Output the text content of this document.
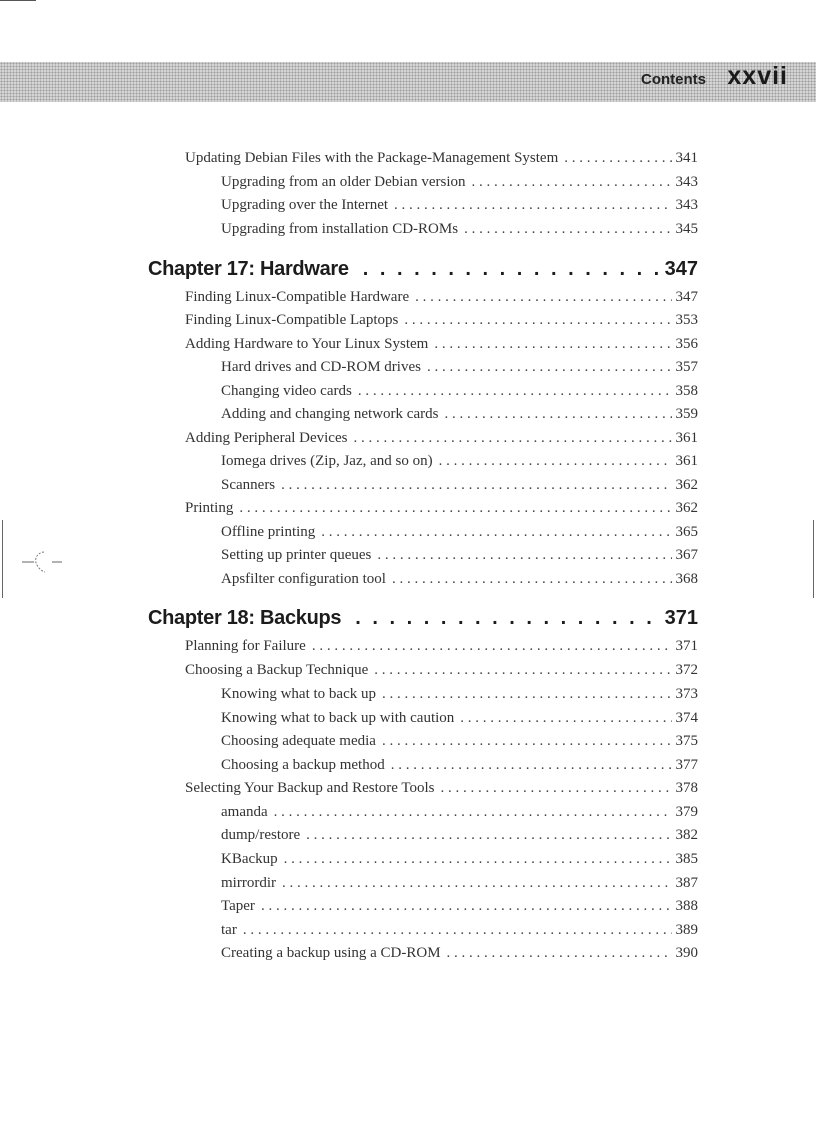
Contents xxvii
Updating Debian Files with the Package-Management System . . .	341
Upgrading from an older Debian version . . .	343
Upgrading over the Internet . . .	343
Upgrading from installation CD-ROMs . . .	345
Chapter 17: Hardware . . .	347
Finding Linux-Compatible Hardware . . .	347
Finding Linux-Compatible Laptops . . .	353
Adding Hardware to Your Linux System . . .	356
Hard drives and CD-ROM drives . . .	357
Changing video cards . . .	358
Adding and changing network cards . . .	359
Adding Peripheral Devices . . .	361
Iomega drives (Zip, Jaz, and so on) . . .	361
Scanners . . .	362
Printing . . .	362
Offline printing . . .	365
Setting up printer queues . . .	367
Apsfilter configuration tool . . .	368
Chapter 18: Backups . . .	371
Planning for Failure . . .	371
Choosing a Backup Technique . . .	372
Knowing what to back up . . .	373
Knowing what to back up with caution . . .	374
Choosing adequate media . . .	375
Choosing a backup method . . .	377
Selecting Your Backup and Restore Tools . . .	378
amanda . . .	379
dump/restore . . .	382
KBackup . . .	385
mirrordir . . .	387
Taper . . .	388
tar . . .	389
Creating a backup using a CD-ROM . . .	390
